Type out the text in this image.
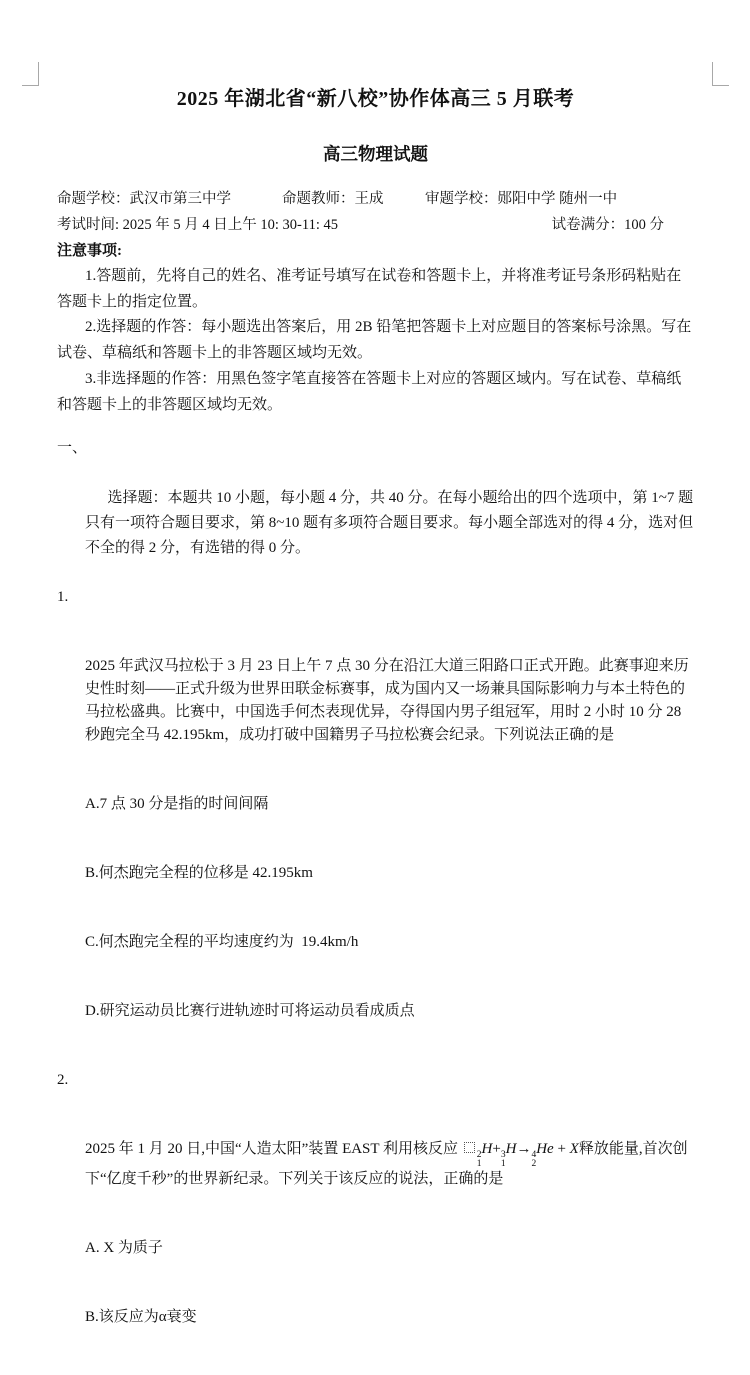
2025 年湖北省“新八校”协作体高三 5 月联考
高三物理试题
命题学校：武汉市第三中学	命题教师：王成	审题学校：郧阳中学 随州一中
考试时间: 2025 年 5 月 4 日上午 10: 30-11: 45	试卷满分：100 分
注意事项:

1.答题前，先将自己的姓名、准考证号填写在试卷和答题卡上，并将准考证号条形码粘贴在答题卡上的指定位置。

2.选择题的作答：每小题选出答案后，用 2B 铅笔把答题卡上对应题目的答案标号涂黑。写在试卷、草稿纸和答题卡上的非答题区域均无效。

3.非选择题的作答：用黑色签字笔直接答在答题卡上对应的答题区域内。写在试卷、草稿纸和答题卡上的非答题区域均无效。

一、

选择题：本题共 10 小题，每小题 4 分，共 40 分。在每小题给出的四个选项中，第 1~7 题只有一项符合题目要求，第 8~10 题有多项符合题目要求。每小题全部选对的得 4 分，选对但不全的得 2 分，有选错的得 0 分。

1.

2025 年武汉马拉松于 3 月 23 日上午 7 点 30 分在沿江大道三阳路口正式开跑。此赛事迎来历史性时刻——正式升级为世界田联金标赛事，成为国内又一场兼具国际影响力与本土特色的马拉松盛典。比赛中，中国选手何杰表现优异，夺得国内男子组冠军，用时 2 小时 10 分 28 秒跑完全马 42.195km，成功打破中国籍男子马拉松赛会纪录。下列说法正确的是

A.7 点 30 分是指的时间间隔

B.何杰跑完全程的位移是 42.195km

C.何杰跑完全程的平均速度约为  19.4km/h

D.研究运动员比赛行进轨迹时可将运动员看成质点

2.

2025 年 1 月 20 日,中国“人造太阳”装置 EAST 利用核反应 2
1
H+ 3
1
H→ 4
2
He + X释放能量,首次创下“亿度千秒”的世界新纪录。下列关于该反应的说法，正确的是

A. X 为质子

B.该反应为α衰变
